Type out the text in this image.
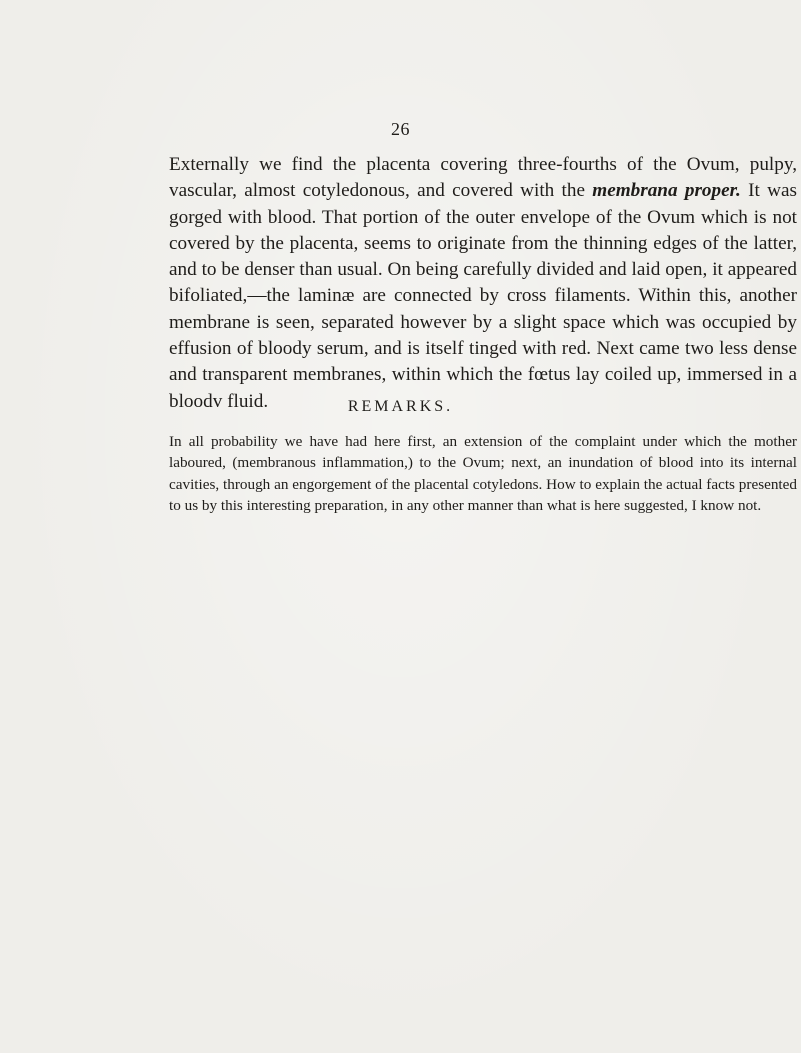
26

Externally we find the placenta covering three-fourths of the Ovum, pulpy, vascular, almost cotyledonous, and covered with the membrana proper. It was gorged with blood. That portion of the outer envelope of the Ovum which is not covered by the placenta, seems to originate from the thinning edges of the latter, and to be denser than usual. On being carefully divided and laid open, it appeared bifoliated,—the laminæ are connected by cross filaments. Within this, another membrane is seen, separated however by a slight space which was occupied by effusion of bloody serum, and is itself tinged with red. Next came two less dense and transparent membranes, within which the fœtus lay coiled up, immersed in a bloodv fluid.	REMARKS.

In all probability we have had here first, an extension of the complaint under which the mother laboured, (membranous inflammation,) to the Ovum; next, an inundation of blood into its internal cavities, through an engorgement of the placental cotyledons. How to explain the actual facts presented to us by this interesting preparation, in any other manner than what is here suggested, I know not.
